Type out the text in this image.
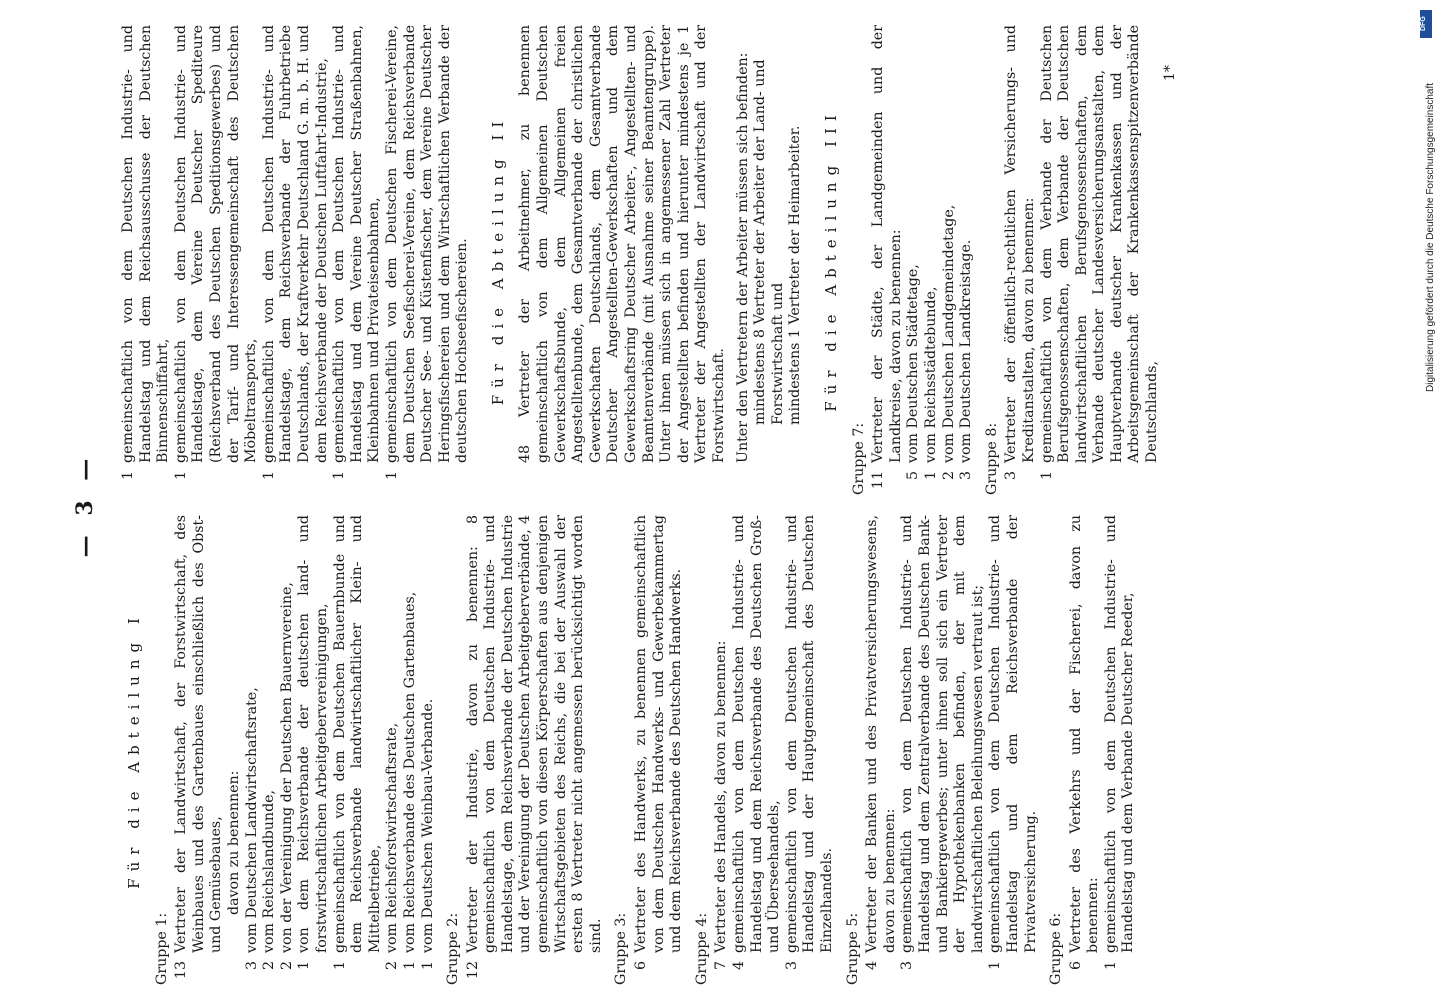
— 3 —
Für die Abteilung I
Gruppe 1: 13
Vertreter der Landwirtschaft, der Forstwirtschaft, des Weinbaues und des Gartenbaues einschließlich des Obst- und Gemüsebaues, davon zu benennen:
3
vom Deutschen Landwirtschaftsrate,
2
vom Reichslandbunde,
2
von der Vereinigung der Deutschen Bauernvereine,
1
von dem Reichsverbande der deutschen land- und forstwirtschaftlichen Arbeitgebervereinigungen,
1
gemeinschaftlich von dem Deutschen Bauernbunde und dem Reichsverbande landwirtschaftlicher Klein- und Mittelbetriebe,
2
vom Reichsforstwirtschaftsrate,
1
vom Reichsverbande des Deutschen Gartenbaues,
1
vom Deutschen Weinbau-Verbande. Gruppe 2: 12
Vertreter der Industrie, davon zu benennen: 8 gemeinschaftlich von dem Deutschen Industrie- und Handelstage, dem Reichsverbande der Deutschen Industrie und der Vereinigung der Deutschen Arbeitgeberverbände, 4 gemeinschaftlich von diesen Körperschaften aus denjenigen Wirtschaftsgebieten des Reichs, die bei der Auswahl der ersten 8 Vertreter nicht angemessen berücksichtigt worden sind. Gruppe 3: 6
Vertreter des Handwerks, zu benennen gemeinschaftlich von dem Deutschen Handwerks- und Gewerbekammertag und dem Reichsverbande des Deutschen Handwerks. Gruppe 4: 7
Vertreter des Handels, davon zu benennen:
4
gemeinschaftlich von dem Deutschen Industrie- und Handelstag und dem Reichsverbande des Deutschen Groß- und Überseehandels,
3
gemeinschaftlich von dem Deutschen Industrie- und Handelstag und der Hauptgemeinschaft des Deutschen Einzelhandels. Gruppe 5: 4
Vertreter der Banken und des Privatversicherungswesens, davon zu benennen:
3
gemeinschaftlich von dem Deutschen Industrie- und Handelstag und dem Zentralverbande des Deutschen Bank- und Bankiergewerbes; unter ihnen soll sich ein Vertreter der Hypothekenbanken befinden, der mit dem landwirtschaftlichen Beleihungswesen vertraut ist;
1
gemeinschaftlich von dem Deutschen Industrie- und Handelstag und dem Reichsverbande der Privatversicherung. Gruppe 6: 6
Vertreter des Verkehrs und der Fischerei, davon zu benennen:
1
gemeinschaftlich von dem Deutschen Industrie- und Handelstag und dem Verbande Deutscher Reeder,
1
gemeinschaftlich von dem Deutschen Industrie- und Handelstag und dem Reichsausschusse der Deutschen Binnenschiffahrt,
1
gemeinschaftlich von dem Deutschen Industrie- und Handelstage, dem Vereine Deutscher Spediteure (Reichsverband des Deutschen Speditionsgewerbes) und der Tarif- und Interessengemeinschaft des Deutschen Möbeltransports,
1
gemeinschaftlich von dem Deutschen Industrie- und Handelstage, dem Reichsverbande der Fuhrbetriebe Deutschlands, der Kraftverkehr Deutschland G. m. b. H. und dem Reichsverbande der Deutschen Luftfahrt-Industrie,
1
gemeinschaftlich von dem Deutschen Industrie- und Handelstag und dem Vereine Deutscher Straßenbahnen, Kleinbahnen und Privateisenbahnen,
1
gemeinschaftlich von dem Deutschen Fischerei-Vereine, dem Deutschen Seefischerei-Vereine, dem Reichsverbande Deutscher See- und Küstenfischer, dem Vereine Deutscher Heringsfischereien und dem Wirtschaftlichen Verbande der deutschen Hochseefischereien. Für die Abteilung II 48 Vertreter der Arbeitnehmer, zu benennen gemeinschaftlich von dem Allgemeinen Deutschen Gewerkschaftsbunde, dem Allgemeinen freien Angestelltenbunde, dem Gesamtverbande der christlichen Gewerkschaften Deutschlands, dem Gesamtverbande Deutscher Angestellten-Gewerkschaften und dem Gewerkschaftsring Deutscher Arbeiter-, Angestellten- und Beamtenverbände (mit Ausnahme seiner Beamtengruppe). Unter ihnen müssen sich in angemessener Zahl Vertreter der Angestellten befinden und hierunter mindestens je 1 Vertreter der Angestellten der Landwirtschaft und der Forstwirtschaft. Unter den Vertretern der Arbeiter müssen sich befinden: mindestens 8 Vertreter der Arbeiter der Land- und Forstwirtschaft und mindestens 1 Vertreter der Heimarbeiter. Für die Abteilung III
Gruppe 7: 11
Vertreter der Städte, der Landgemeinden und der Landkreise, davon zu benennen:
5
vom Deutschen Städtetage,
1
vom Reichsstädtebunde,
2
vom Deutschen Landgemeindetage,
3
vom Deutschen Landkreistage. Gruppe 8: 3
Vertreter der öffentlich-rechtlichen Versicherungs- und Kreditanstalten, davon zu benennen:
1
gemeinschaftlich von dem Verbande der Deutschen Berufsgenossenschaften, dem Verbande der Deutschen landwirtschaftlichen Berufsgenossenschaften, dem Verbande deutscher Landesversicherungsanstalten, dem Hauptverbande deutscher Krankenkassen und der Arbeitsgemeinschaft der Krankenkassenspitzenverbände Deutschlands,
1*
DFG
Digitalisierung gefördert durch die Deutsche Forschungsgemeinschaft
